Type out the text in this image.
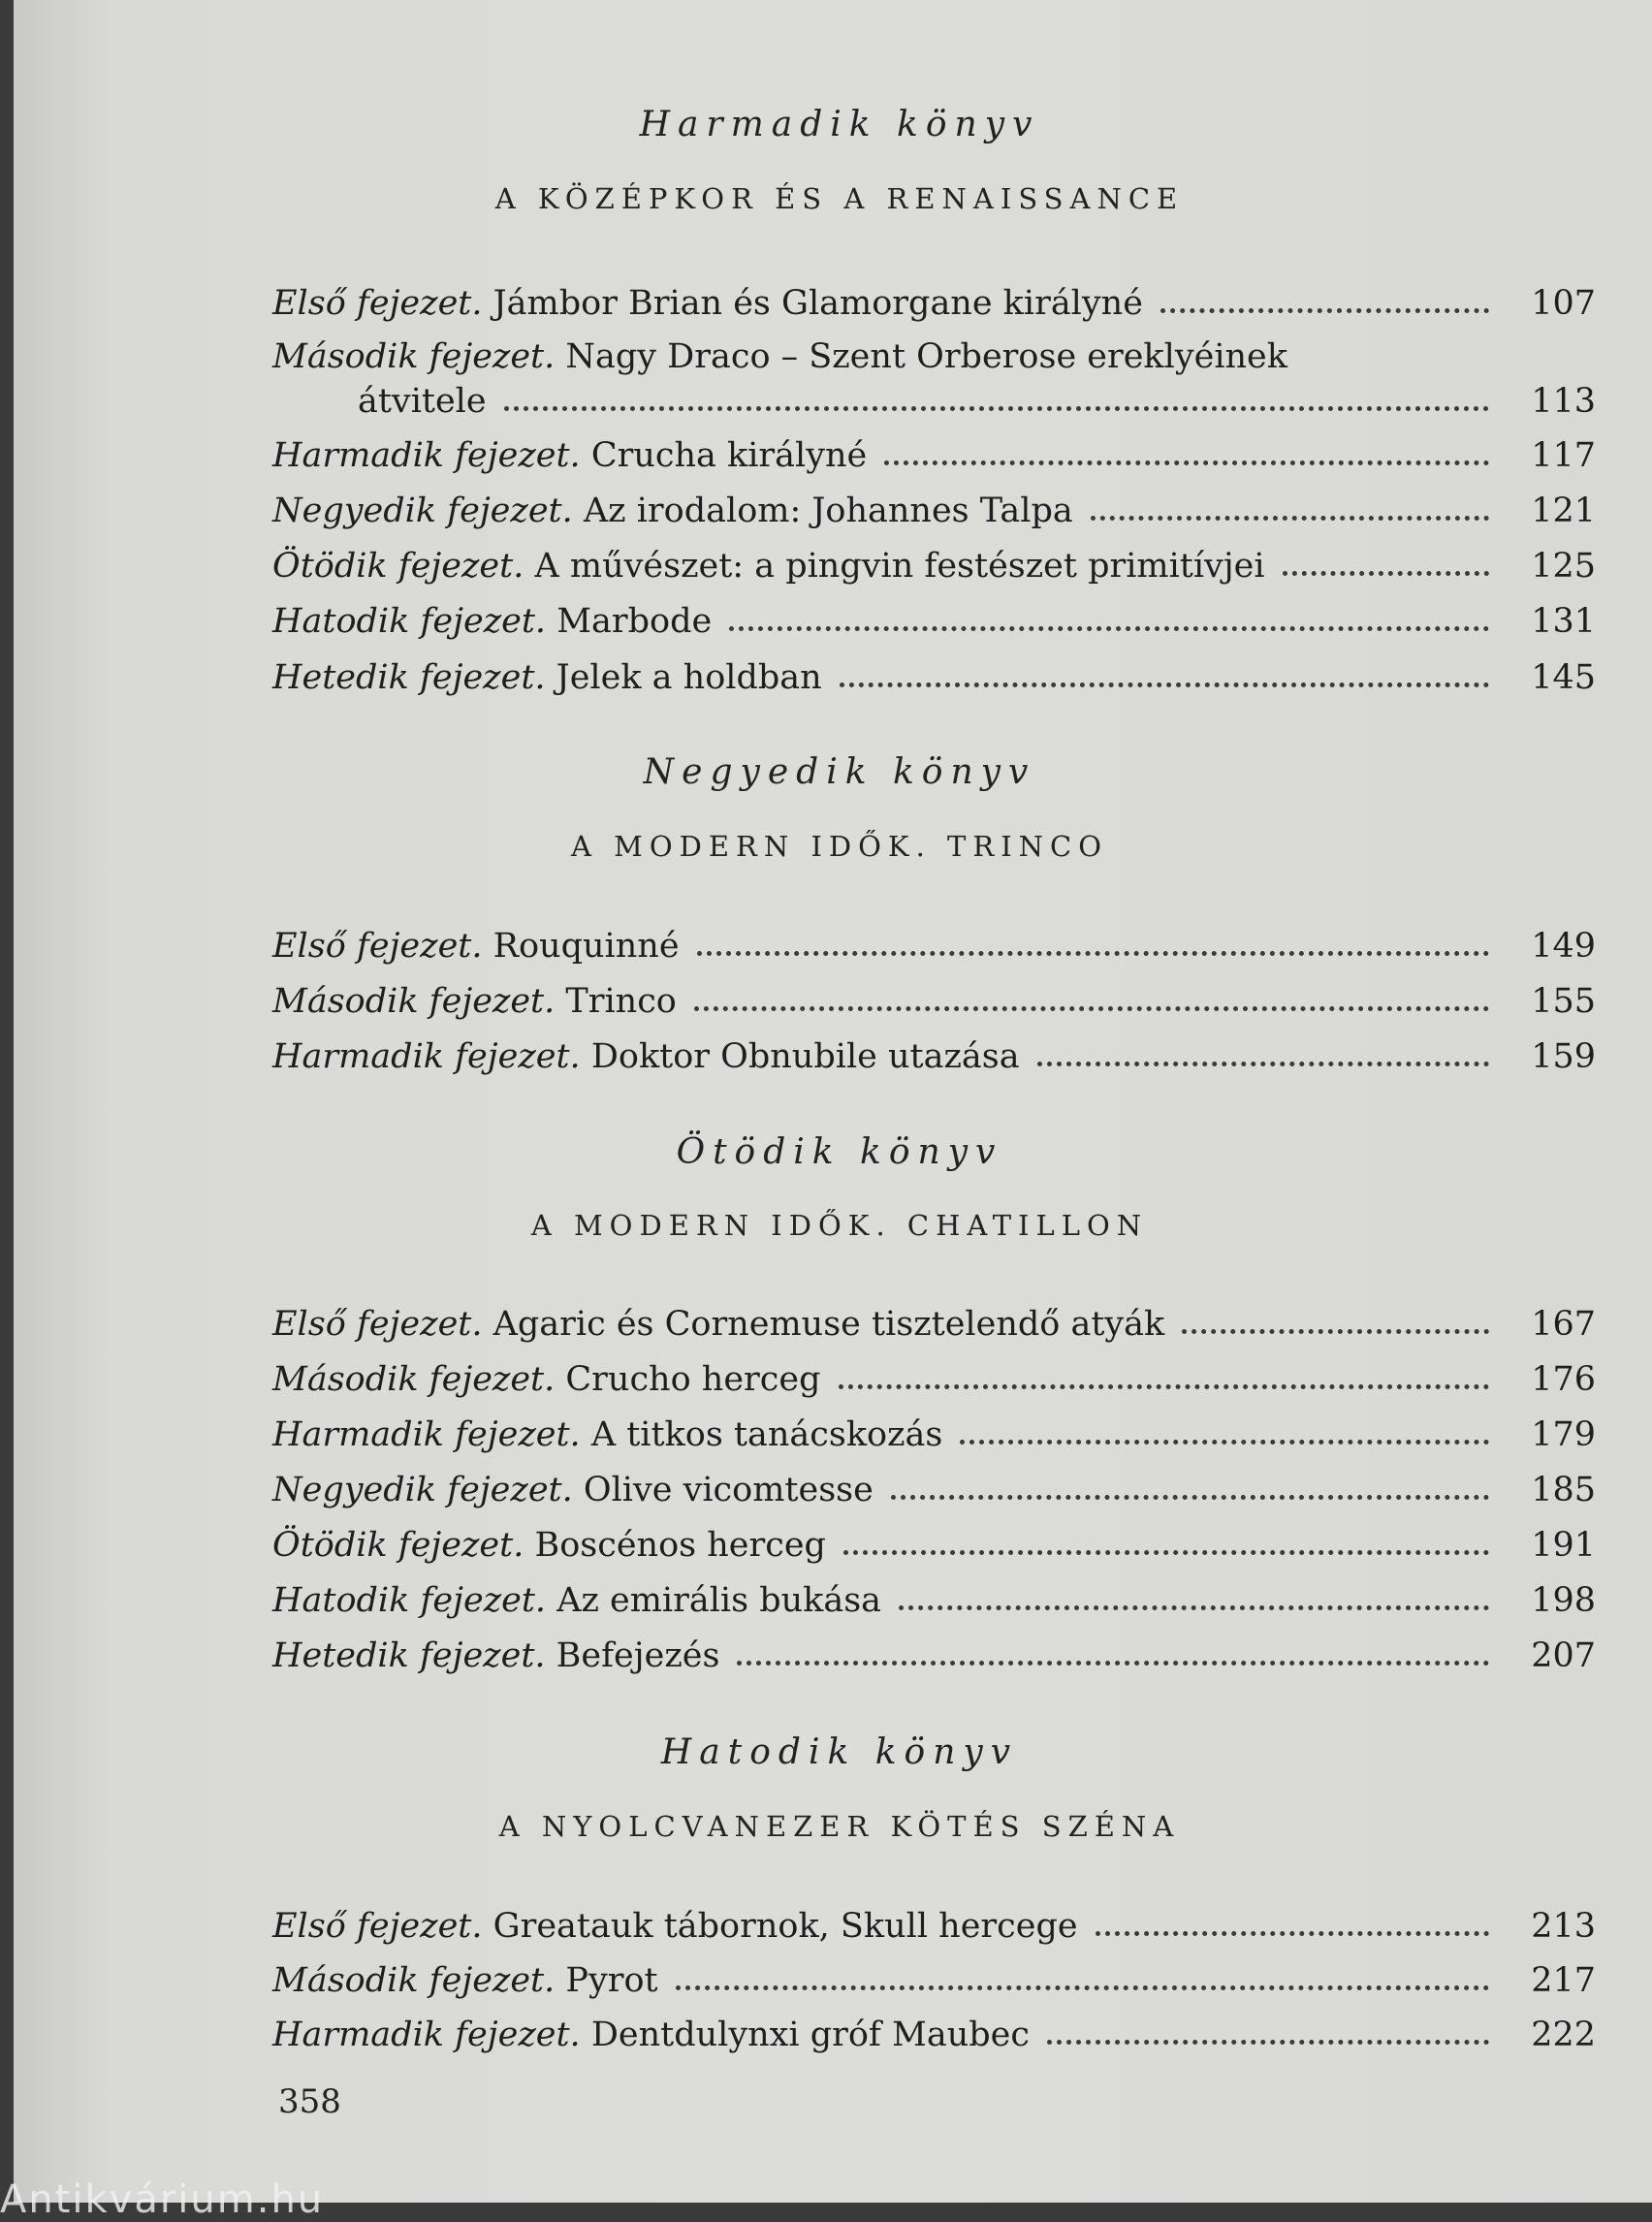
Harmadik könyv
A KÖZÉPKOR ÉS A RENAISSANCE
Első fejezet. Jámbor Brian és Glamorgane királyné	107
Második fejezet. Nagy Draco – Szent Orberose ereklyéinek
átvitele	113
Harmadik fejezet. Crucha királyné	117
Negyedik fejezet. Az irodalom: Johannes Talpa	121
Ötödik fejezet. A művészet: a pingvin festészet primitívjei	125
Hatodik fejezet. Marbode	131
Hetedik fejezet. Jelek a holdban	145
Negyedik könyv
A MODERN IDŐK. TRINCO
Első fejezet. Rouquinné	149
Második fejezet. Trinco	155
Harmadik fejezet. Doktor Obnubile utazása	159
Ötödik könyv
A MODERN IDŐK. CHATILLON
Első fejezet. Agaric és Cornemuse tisztelendő atyák	167
Második fejezet. Crucho herceg	176
Harmadik fejezet. A titkos tanácskozás	179
Negyedik fejezet. Olive vicomtesse	185
Ötödik fejezet. Boscénos herceg	191
Hatodik fejezet. Az emirális bukása	198
Hetedik fejezet. Befejezés	207
Hatodik könyv
A NYOLCVANEZER KÖTÉS SZÉNA
Első fejezet. Greatauk tábornok, Skull hercege	213
Második fejezet. Pyrot	217
Harmadik fejezet. Dentdulynxi gróf Maubec	222
358
Antikvárium.hu
